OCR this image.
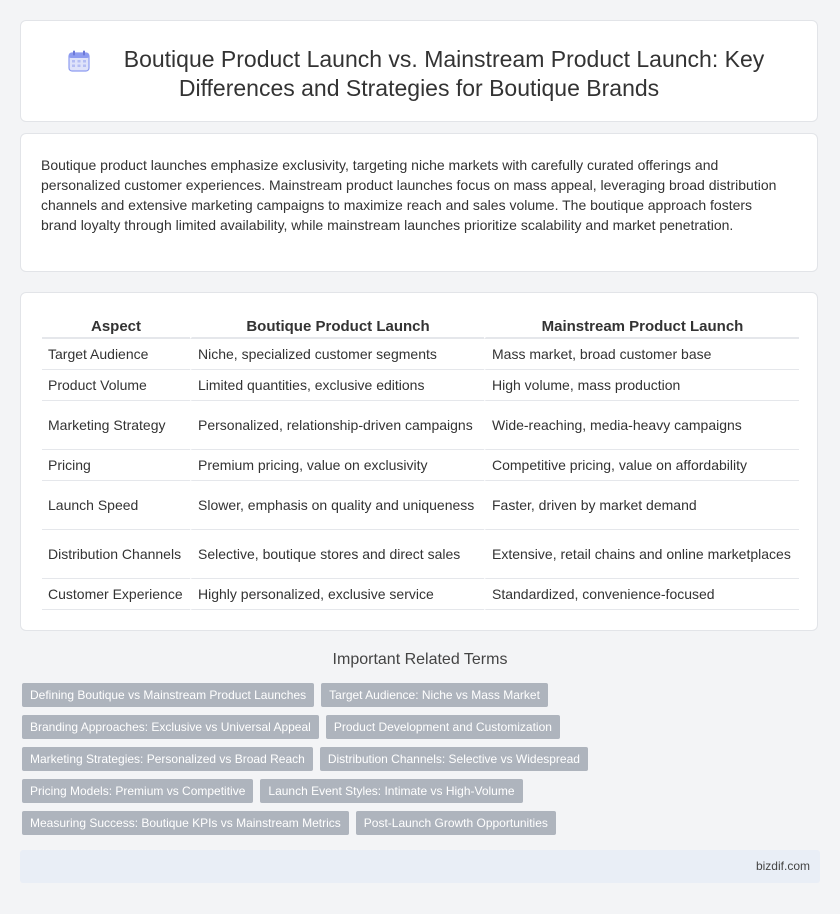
Boutique Product Launch vs. Mainstream Product Launch: Key
Differences and Strategies for Boutique Brands

Boutique product launches emphasize exclusivity, targeting niche markets with carefully curated offerings and personalized customer experiences. Mainstream product launches focus on mass appeal, leveraging broad distribution channels and extensive marketing campaigns to maximize reach and sales volume. The boutique approach fosters brand loyalty through limited availability, while mainstream launches prioritize scalability and market penetration.

Aspect	Boutique Product Launch	Mainstream Product Launch
Target Audience	Niche, specialized customer segments	Mass market, broad customer base
Product Volume	Limited quantities, exclusive editions	High volume, mass production
Marketing Strategy	Personalized, relationship-driven campaigns	Wide-reaching, media-heavy campaigns
Pricing	Premium pricing, value on exclusivity	Competitive pricing, value on affordability
Launch Speed	Slower, emphasis on quality and uniqueness	Faster, driven by market demand
Distribution Channels	Selective, boutique stores and direct sales	Extensive, retail chains and online marketplaces
Customer Experience	Highly personalized, exclusive service	Standardized, convenience-focused
Important Related Terms
Defining Boutique vs Mainstream Product Launches	Target Audience: Niche vs Mass Market
Branding Approaches: Exclusive vs Universal Appeal	Product Development and Customization
Marketing Strategies: Personalized vs Broad Reach	Distribution Channels: Selective vs Widespread
Pricing Models: Premium vs Competitive	Launch Event Styles: Intimate vs High-Volume
Measuring Success: Boutique KPIs vs Mainstream Metrics	Post-Launch Growth Opportunities
bizdif.com
